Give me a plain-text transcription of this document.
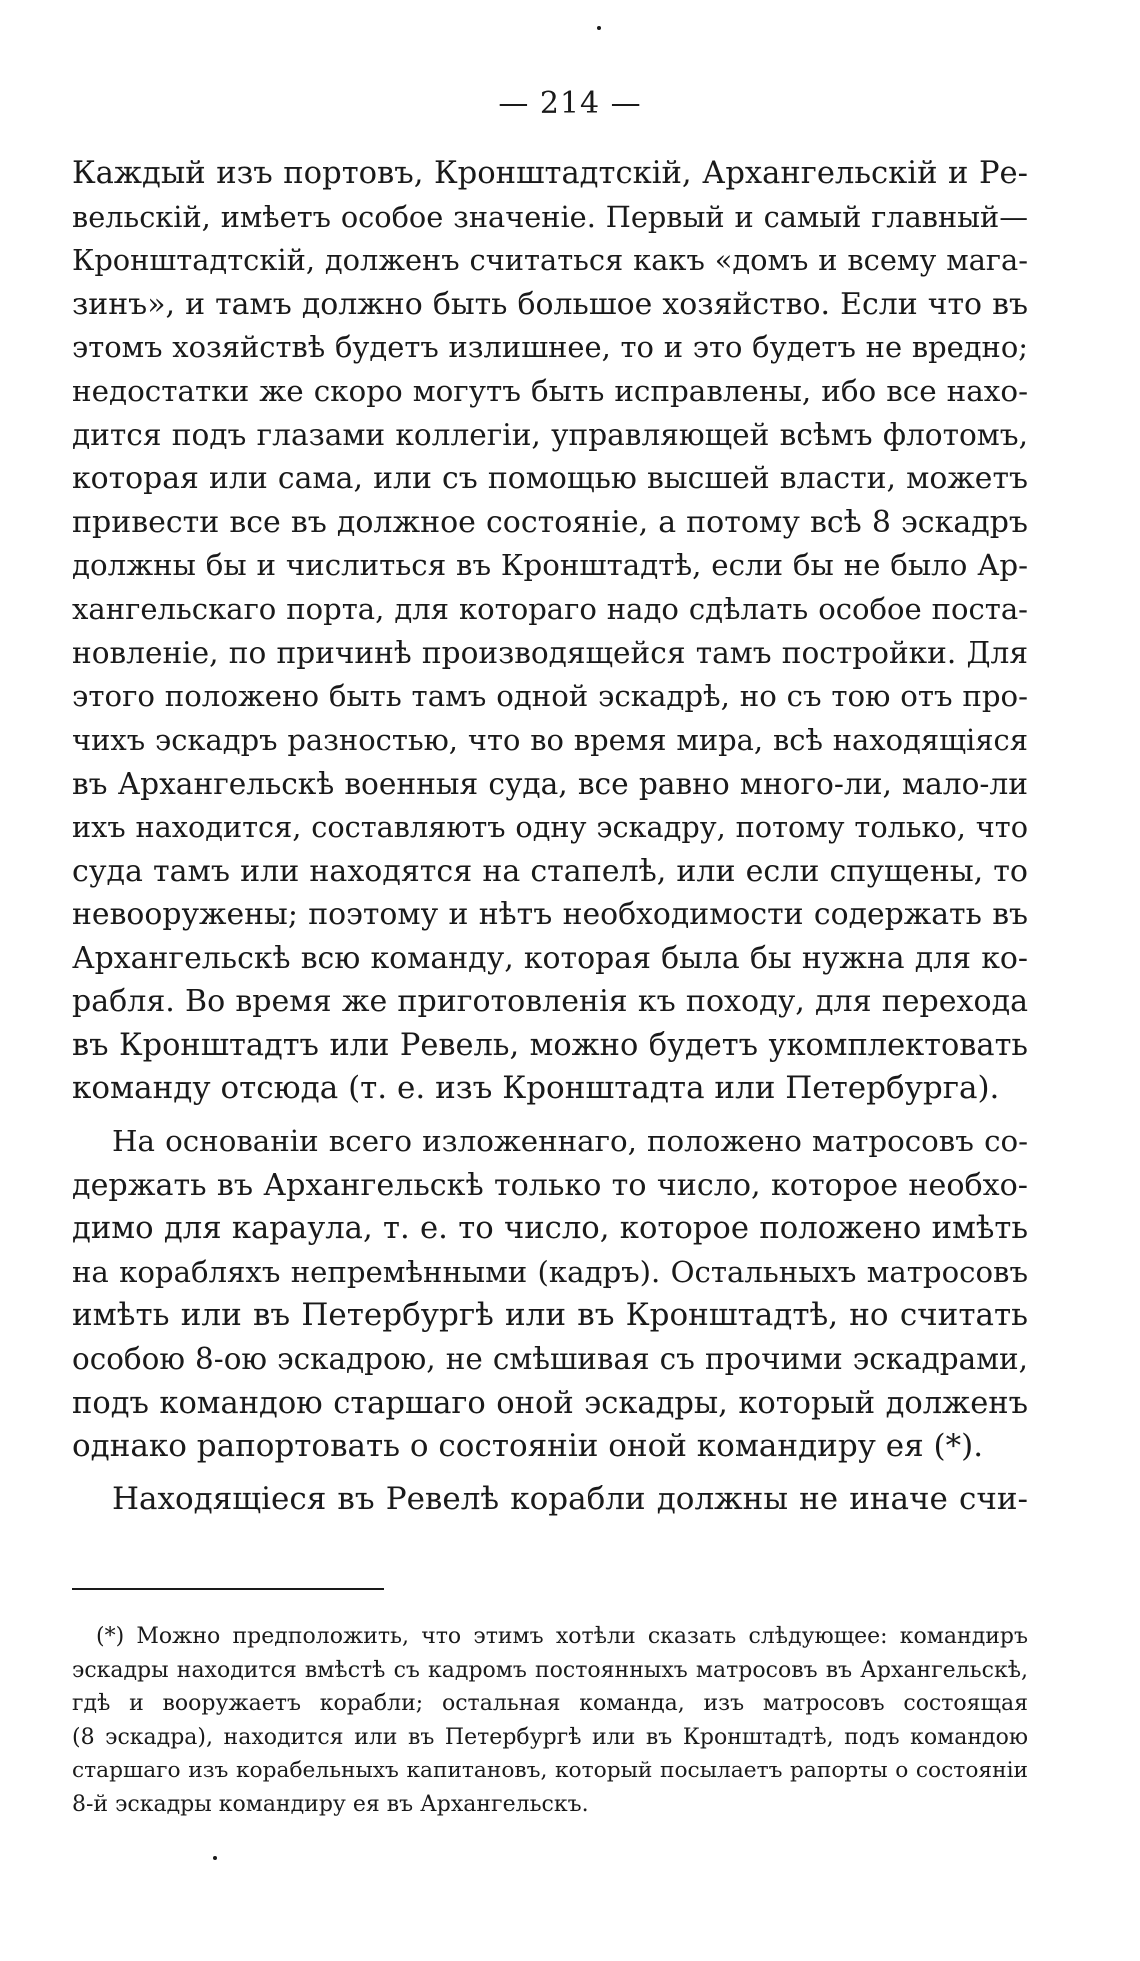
— 214 —
Каждый изъ портовъ, Кронштадтскій, Архангельскій и Ре-
вельскій, имѣетъ особое значеніе. Первый и самый главный—
Кронштадтскій, долженъ считаться какъ «домъ и всему мага-
зинъ», и тамъ должно быть большое хозяйство. Если что въ
этомъ хозяйствѣ будетъ излишнее, то и это будетъ не вредно;
недостатки же скоро могутъ быть исправлены, ибо все нахо-
дится подъ глазами коллегіи, управляющей всѣмъ флотомъ,
которая или сама, или съ помощью высшей власти, можетъ
привести все въ должное состояніе, а потому всѣ 8 эскадръ
должны бы и числиться въ Кронштадтѣ, если бы не было Ар-
хангельскаго порта, для котораго надо сдѣлать особое поста-
новленіе, по причинѣ производящейся тамъ постройки. Для
этого положено быть тамъ одной эскадрѣ, но съ тою отъ про-
чихъ эскадръ разностью, что во время мира, всѣ находящіяся
въ Архангельскѣ военныя суда, все равно много-ли, мало-ли
ихъ находится, составляютъ одну эскадру, потому только, что
суда тамъ или находятся на стапелѣ, или если спущены, то
невооружены; поэтому и нѣтъ необходимости содержать въ
Архангельскѣ всю команду, которая была бы нужна для ко-
рабля. Во время же приготовленія къ походу, для перехода
въ Кронштадтъ или Ревель, можно будетъ укомплектовать
команду отсюда (т. е. изъ Кронштадта или Петербурга).
На основаніи всего изложеннаго, положено матросовъ со-
держать въ Архангельскѣ только то число, которое необхо-
димо для караула, т. е. то число, которое положено имѣть
на корабляхъ непремѣнными (кадръ). Остальныхъ матросовъ
имѣть или въ Петербургѣ или въ Кронштадтѣ, но считать
особою 8-ою эскадрою, не смѣшивая съ прочими эскадрами,
подъ командою старшаго оной эскадры, который долженъ
однако рапортовать о состояніи оной командиру ея (*).
Находящіеся въ Ревелѣ корабли должны не иначе счи-
(*) Можно предположить, что этимъ хотѣли сказать слѣдующее: командиръ
эскадры находится вмѣстѣ съ кадромъ постоянныхъ матросовъ въ Архангельскѣ,
гдѣ и вооружаетъ корабли; остальная команда, изъ матросовъ состоящая
(8 эскадра), находится или въ Петербургѣ или въ Кронштадтѣ, подъ командою
старшаго изъ корабельныхъ капитановъ, который посылаетъ рапорты о состояніи
8-й эскадры командиру ея въ Архангельскъ.
